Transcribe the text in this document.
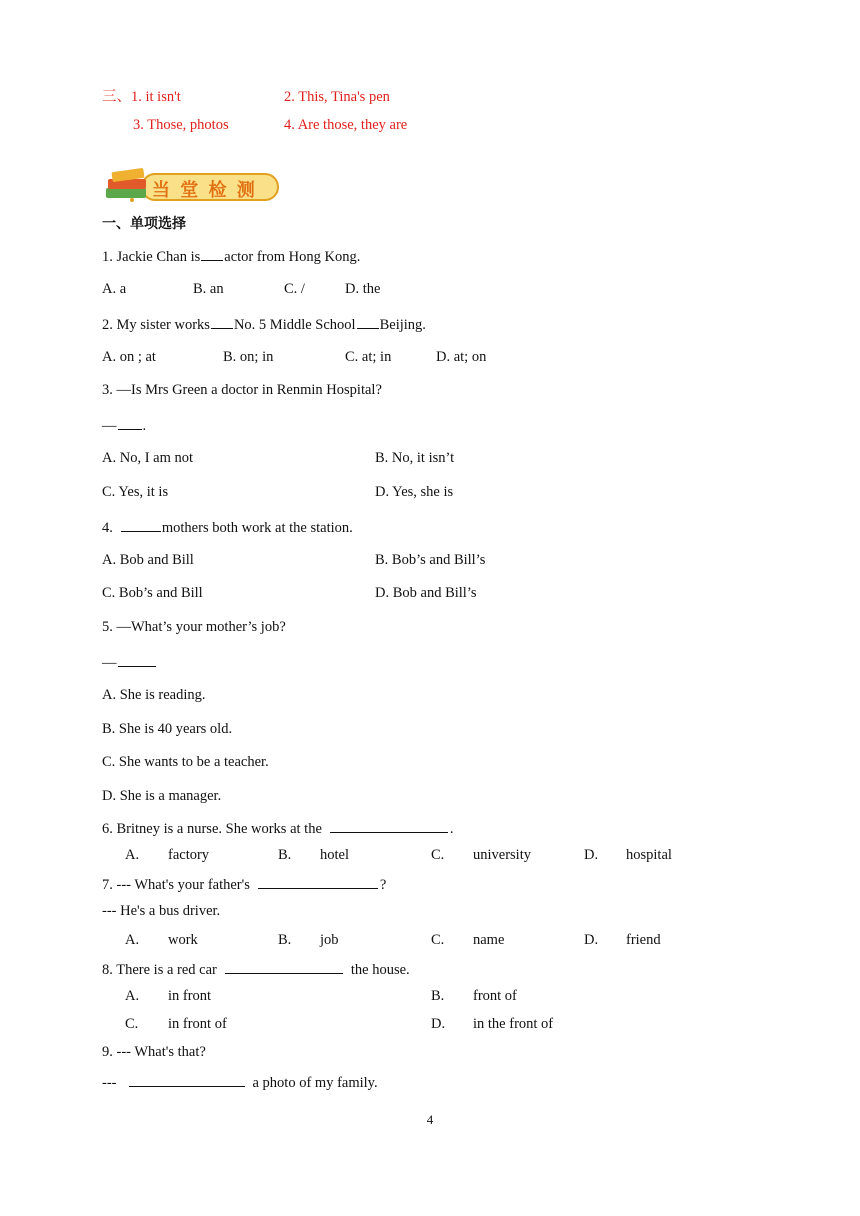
三、1. it isn't	2. This, Tina's pen
3. Those, photos	4. Are those, they are
当 堂 检 测
一、单项选择
1. Jackie Chan is actor from Hong Kong.
A. a	B. an	C. /	D. the
2. My sister works No. 5 Middle School Beijing.
A. on ; at	B. on; in	C. at; in	D. at; on
3. —Is Mrs Green a doctor in Renmin Hospital?
— .
A. No, I am not	B. No, it isn’t
C. Yes, it is	D. Yes, she is
4.	mothers both work at the station.
A. Bob and Bill	B. Bob’s and Bill’s
C. Bob’s and Bill	D. Bob and Bill’s
5. —What’s your mother’s job?
—
A. She is reading.
B. She is 40 years old.
C. She wants to be a teacher.
D. She is a manager.
6. Britney is a nurse. She works at the	.
A. factory	B. hotel	C. university	D. hospital
7. --- What's your father's	?
--- He's a bus driver.
A. work	B. job	C. name	D. friend
8. There is a red car	the house.
A. in front	B. front of
C. in front of	D. in the front of
9. --- What's that?
---	a photo of my family.
4
